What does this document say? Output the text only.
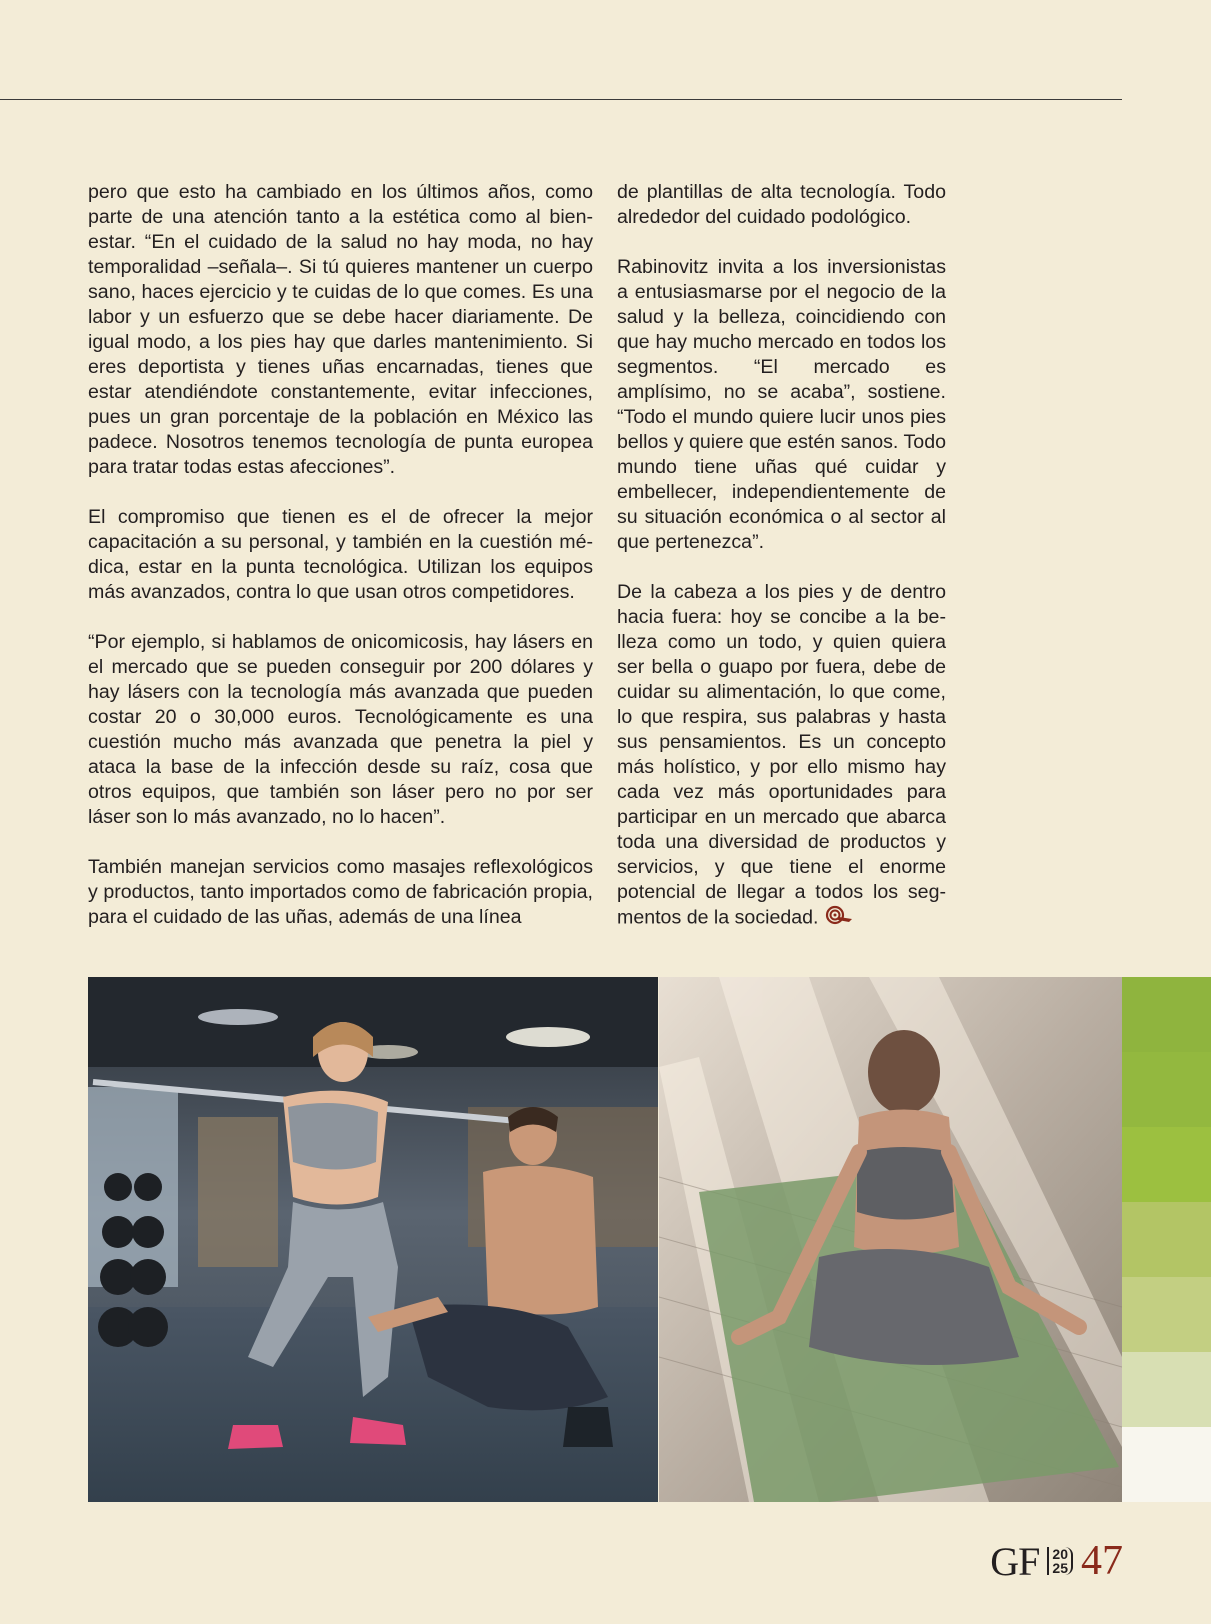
pero que esto ha cambiado en los últimos años, como parte de una atención tanto a la estética como al bienestar. “En el cuidado de la salud no hay moda, no hay temporalidad –señala–. Si tú quieres mantener un cuerpo sano, haces ejercicio y te cuidas de lo que comes. Es una labor y un esfuerzo que se debe hacer diariamente. De igual modo, a los pies hay que darles mantenimiento. Si eres deportista y tienes uñas encarnadas, tienes que estar atendiéndote constantemente, evitar infecciones, pues un gran porcentaje de la población en México las padece. Nosotros tenemos tecnología de punta europea para tratar todas estas afecciones”.

El compromiso que tienen es el de ofrecer la mejor capacitación a su personal, y también en la cuestión médica, estar en la punta tecnológica. Utilizan los equipos más avanzados, contra lo que usan otros competidores.

“Por ejemplo, si hablamos de onicomicosis, hay lásers en el mercado que se pueden conseguir por 200 dólares y hay lásers con la tecnología más avanzada que pueden costar 20 o 30,000 euros. Tecnológicamente es una cuestión mucho más avanzada que penetra la piel y ataca la base de la infección desde su raíz, cosa que otros equipos, que también son láser pero no por ser láser son lo más avanzado, no lo hacen”.

También manejan servicios como masajes reflexológicos y productos, tanto importados como de fabricación propia, para el cuidado de las uñas, además de una línea

de plantillas de alta tecnología. Todo alrededor del cuidado podológico.

Rabinovitz invita a los inversionistas a entusiasmarse por el negocio de la salud y la belleza, coincidiendo con que hay mucho mercado en todos los segmentos. “El mercado es amplísimo, no se acaba”, sostiene. “Todo el mundo quiere lucir unos pies bellos y quiere que estén sanos. Todo mundo tiene uñas qué cuidar y embellecer, independientemente de su situación económica o al sector al que pertenezca”.

De la cabeza a los pies y de dentro hacia fuera: hoy se concibe a la belleza como un todo, y quien quiera ser bella o guapo por fuera, debe de cuidar su alimentación, lo que come, lo que respira, sus palabras y hasta sus pensamientos. Es un concepto más holístico, y por ello mismo hay cada vez más oportunidades para participar en un mercado que abarca toda una diversidad de productos y servicios, y que tiene el enorme potencial de llegar a todos los segmentos de la sociedad.

GF 20
25 47
